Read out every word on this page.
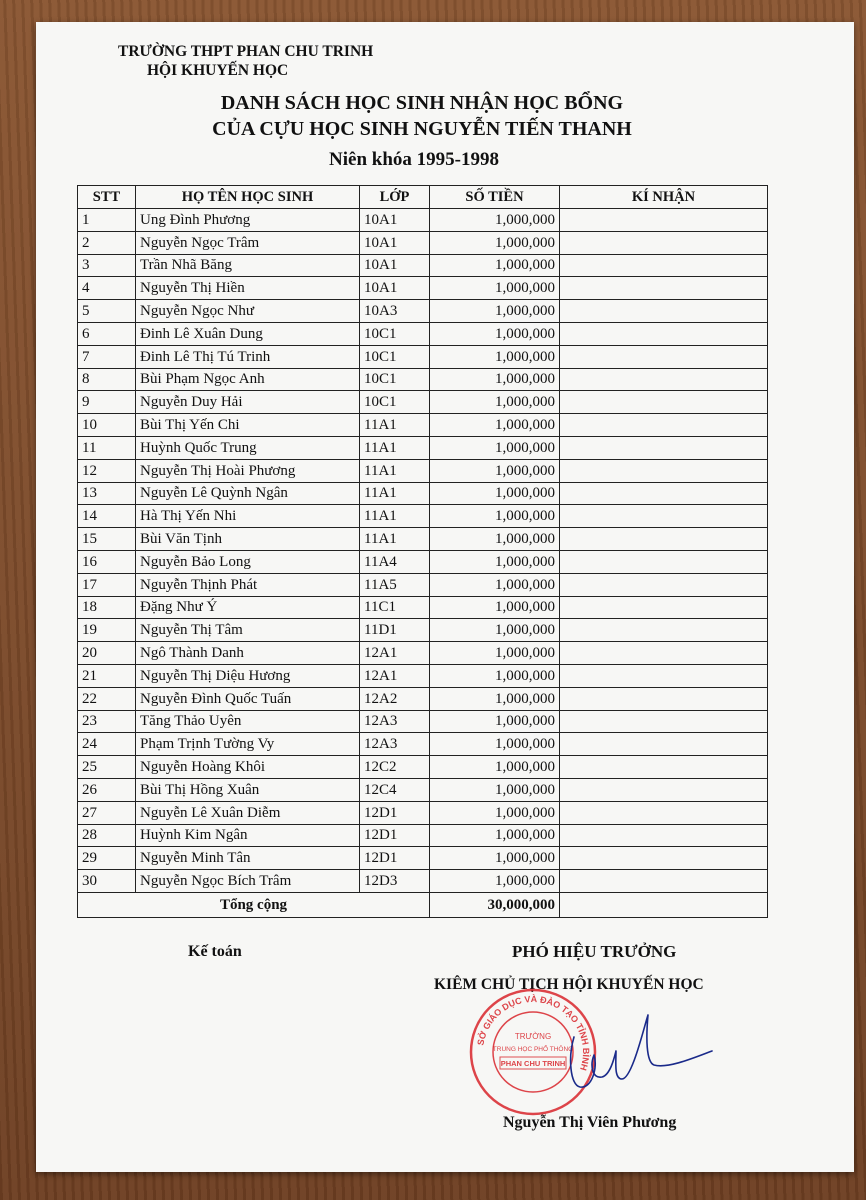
TRƯỜNG THPT PHAN CHU TRINH
HỘI KHUYẾN HỌC
DANH SÁCH HỌC SINH NHẬN HỌC BỔNG
CỦA CỰU HỌC SINH NGUYỄN TIẾN THANH
Niên khóa 1995-1998
STT	HỌ TÊN HỌC SINH	LỚP	SỐ TIỀN	KÍ NHẬN
1	Ung Đình Phương	10A1	1,000,000	
2	Nguyễn Ngọc Trâm	10A1	1,000,000	
3	Trần Nhã Băng	10A1	1,000,000	
4	Nguyễn Thị Hiền	10A1	1,000,000	
5	Nguyễn Ngọc Như	10A3	1,000,000	
6	Đinh Lê Xuân Dung	10C1	1,000,000	
7	Đinh Lê Thị Tú Trinh	10C1	1,000,000	
8	Bùi Phạm Ngọc Anh	10C1	1,000,000	
9	Nguyễn Duy Hải	10C1	1,000,000	
10	Bùi Thị Yến Chi	11A1	1,000,000	
11	Huỳnh Quốc Trung	11A1	1,000,000	
12	Nguyễn Thị Hoài Phương	11A1	1,000,000	
13	Nguyễn Lê Quỳnh Ngân	11A1	1,000,000	
14	Hà Thị Yến Nhi	11A1	1,000,000	
15	Bùi Văn Tịnh	11A1	1,000,000	
16	Nguyễn Bảo Long	11A4	1,000,000	
17	Nguyễn Thịnh Phát	11A5	1,000,000	
18	Đặng Như Ý	11C1	1,000,000	
19	Nguyễn Thị Tâm	11D1	1,000,000	
20	Ngô Thành Danh	12A1	1,000,000	
21	Nguyễn Thị Diệu Hương	12A1	1,000,000	
22	Nguyễn Đình Quốc Tuấn	12A2	1,000,000	
23	Tăng Thảo Uyên	12A3	1,000,000	
24	Phạm Trịnh Tường Vy	12A3	1,000,000	
25	Nguyễn Hoàng Khôi	12C2	1,000,000	
26	Bùi Thị Hồng Xuân	12C4	1,000,000	
27	Nguyễn Lê Xuân Diễm	12D1	1,000,000	
28	Huỳnh Kim Ngân	12D1	1,000,000	
29	Nguyễn Minh Tân	12D1	1,000,000	
30	Nguyễn Ngọc Bích Trâm	12D3	1,000,000	
Tổng cộng			30,000,000	
Kế toán	PHÓ HIỆU TRƯỞNG
KIÊM CHỦ TỊCH HỘI KHUYẾN HỌC
SỞ GIÁO DỤC VÀ ĐÀO TẠO TỈNH BÌNH
TRƯỜNG
TRUNG HỌC PHỔ THÔNG
PHAN CHU TRINH
Nguyễn Thị Viên Phương
